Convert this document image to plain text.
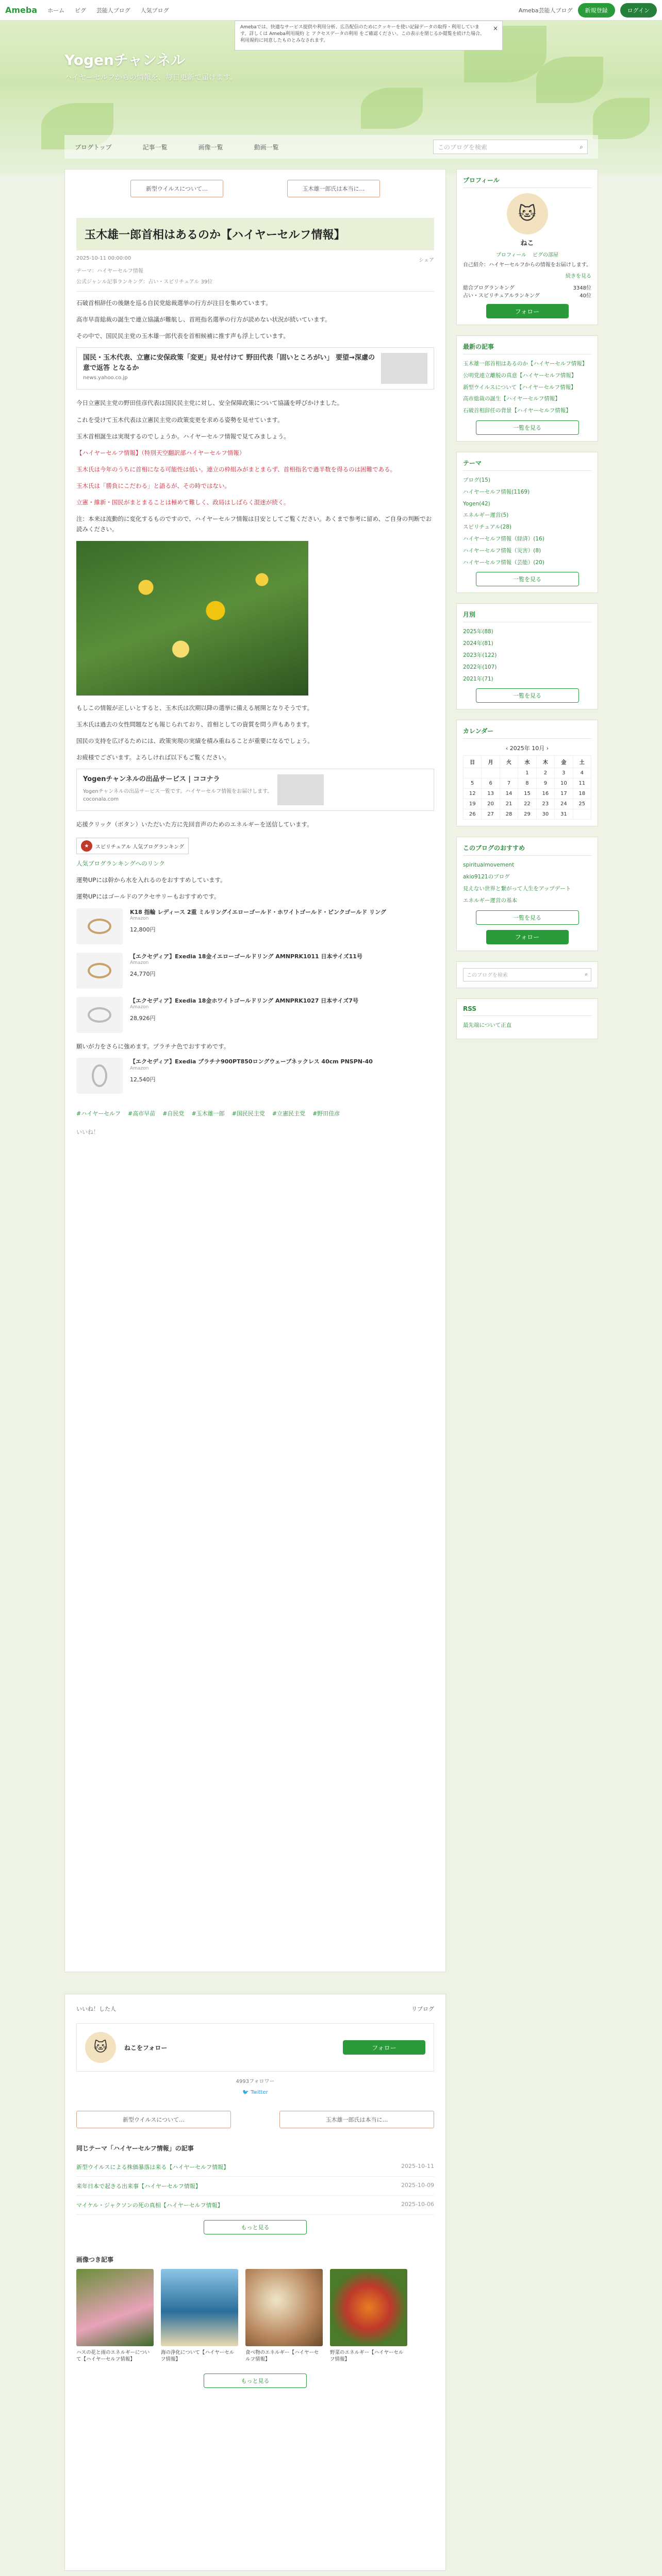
Ameba ホーム ピグ 芸能人ブログ 人気ブログ	Ameba芸能人ブログ	新規登録	ログイン
Yogenチャンネル
ハイヤーセルフからの情報を、毎日更新で届けます。
Amebaでは、快適なサービス提供や利用分析、広告配信のためにクッキーを使い記録データの取得・利用しています。詳しくは Ameba利用規約 と アクセスデータの利用 をご確認ください。この表示を閉じるか閲覧を続けた場合、利用規約に同意したものとみなされます。
×
ブログトップ	記事一覧	画像一覧	動画一覧	このブログを検索	⌕
新型ウイルスについて…	玉木雄一郎氏は本当に…
玉木雄一郎首相はあるのか【ハイヤーセルフ情報】
2025-10-11 00:00:00	シェア
テーマ：ハイヤーセルフ情報
公式ジャンル記事ランキング：占い・スピリチュアル 39位

石破首相辞任の後継を巡る自民党総裁選挙の行方が注目を集めています。

高市早苗総裁の誕生で連立協議が難航し、首班指名選挙の行方が読めない状況が続いています。

その中で、国民民主党の玉木雄一郎代表を首相候補に推す声も浮上しています。

国民・玉木代表、立憲に安保政策「変更」見せ付けて 野田代表「固いところがい」 要望→深慮の意で返答 となるか
news.yahoo.co.jp

今日立憲民主党の野田佳彦代表は国民民主党に対し、安全保障政策について協議を呼びかけました。

これを受けて玉木代表は立憲民主党の政策変更を求める姿勢を見せています。

玉木首相誕生は実現するのでしょうか。ハイヤーセルフ情報で見てみましょう。

【ハイヤーセルフ情報】（特別天空翻訳部ハイヤーセルフ情報）

玉木氏は今年のうちに首相になる可能性は低い。連立の枠組みがまとまらず、首相指名で過半数を得るのは困難である。

玉木氏は「勝負にこだわる」と語るが、その時ではない。

立憲・維新・国民がまとまることは極めて難しく、政局はしばらく混迷が続く。

注：本来は流動的に変化するものですので、ハイヤーセルフ情報は目安としてご覧ください。あくまで参考に留め、ご自身の判断でお読みください。

もしこの情報が正しいとすると、玉木氏は次期以降の選挙に備える展開となりそうです。

玉木氏は過去の女性問題なども報じられており、首相としての資質を問う声もあります。

国民の支持を広げるためには、政策実現の実績を積み重ねることが重要になるでしょう。

お疲様でございます。よろしければ以下もご覧ください。

Yogenチャンネルの出品サービス | ココナラ
Yogenチャンネルの出品サービス一覧です。ハイヤーセルフ情報をお届けします。
coconala.com

応援クリック（ボタン）いただいた方に先回音声のためのエネルギーを送信しています。

★	スピリチュアル 人気ブログランキング

人気ブログランキングへのリンク

運勢UPには幹から水を入れるのをおすすめしています。

運勢UPにはゴールドのアクセサリーもおすすめです。

K18 指輪 レディース 2重 ミルリングイエローゴールド・ホワイトゴールド・ピンクゴールド リング
Amazon
12,800円
【エクセディア】Exedia 18金イエローゴールドリング AMNPRK1011 日本サイズ11号
Amazon
24,770円
【エクセディア】Exedia 18金ホワイトゴールドリング AMNPRK1027 日本サイズ7号
Amazon
28,926円

願いが力をさらに強めます。プラチナ色でおすすめです。

【エクセディア】Exedia プラチナ900PT850ロングウェーブネックレス 40cm PNSPN-40
Amazon
12,540円
#ハイヤーセルフ #高市早苗 #自民党 #玉木雄一郎 #国民民主党 #立憲民主党 #野田佳彦
いいね！
プロフィール
🐱
ねこ
プロフィール ピグの部屋
自己紹介：ハイヤーセルフからの情報をお届けします。
続きを見る
総合ブログランキング	3348位
占い・スピリチュアルランキング	40位
フォロー
最新の記事
玉木雄一郎首相はあるのか【ハイヤーセルフ情報】
公明党連立離脱の真意【ハイヤーセルフ情報】
新型ウイルスについて【ハイヤーセルフ情報】
高市総裁の誕生【ハイヤーセルフ情報】
石破首相辞任の背景【ハイヤーセルフ情報】
一覧を見る
テーマ
ブログ(15)
ハイヤーセルフ情報(1169)
Yogen(42)
エネルギー運営(5)
スピリチュアル(28)
ハイヤーセルフ情報（経済）(16)
ハイヤーセルフ情報（災害）(8)
ハイヤーセルフ情報（芸能）(20)
一覧を見る
月別
2025年(88)
2024年(81)
2023年(122)
2022年(107)
2021年(71)
一覧を見る
カレンダー
‹ 2025年 10月 ›
日	月	火	水	木	金	土
			1	2	3	4
5	6	7	8	9	10	11
12	13	14	15	16	17	18
19	20	21	22	23	24	25
26	27	28	29	30	31	
このブログのおすすめ
spiritualmovement
akio9121のブログ
見えない世界と繋がって人生をアップデート
エネルギー運営の基本
一覧を見る
フォロー
このブログを検索	⌕
RSS
最先端について正直
いいね！した人	リブログ
🐱	ねこをフォロー	フォロー
4993フォロワー
🐦 Twitter
新型ウイルスについて…	玉木雄一郎氏は本当に…
同じテーマ「ハイヤーセルフ情報」の記事
新型ウイルスによる株価暴落は来る【ハイヤーセルフ情報】	2025-10-11
来年日本で起きる出来事【ハイヤーセルフ情報】	2025-10-09
マイケル・ジャクソンの死の真相【ハイヤーセルフ情報】	2025-10-06
もっと見る
画像つき記事
ハスの花と雨のエネルギーについて【ハイヤーセルフ情報】
海の浄化について【ハイヤーセルフ情報】
食べ物のエネルギー【ハイヤーセルフ情報】
野菜のエネルギー【ハイヤーセルフ情報】
もっと見る
